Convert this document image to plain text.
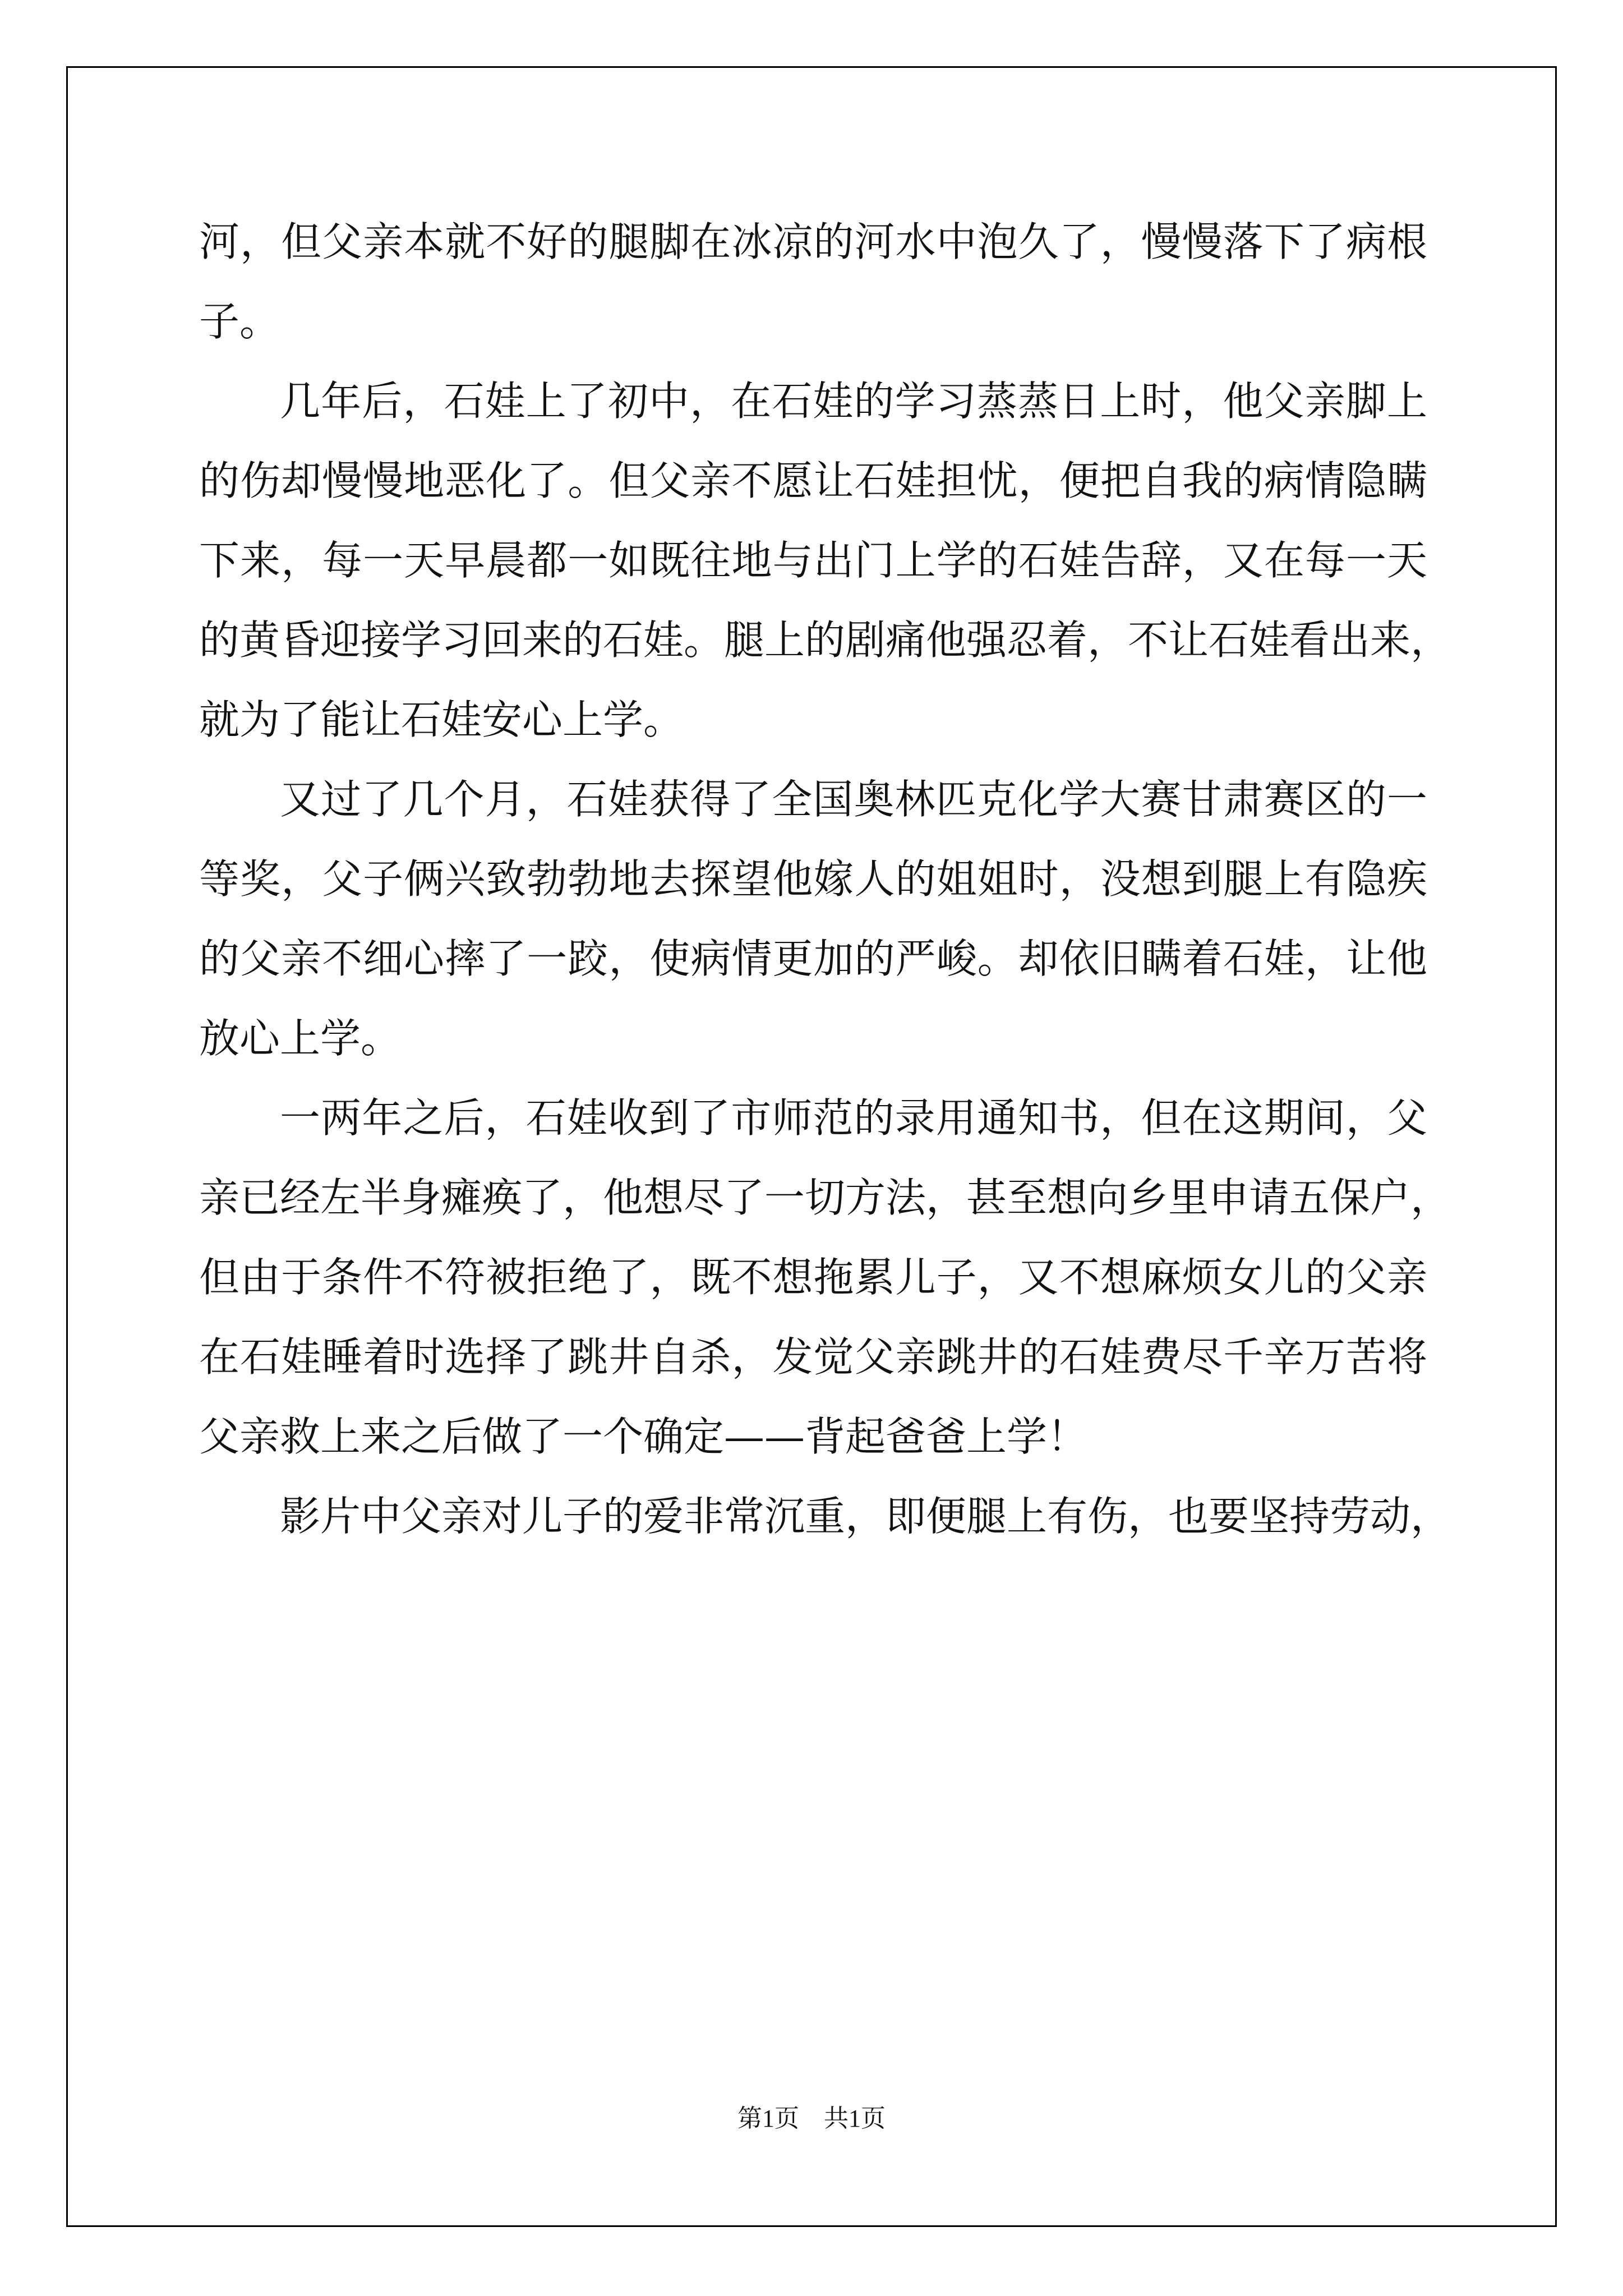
河，但父亲本就不好的腿脚在冰凉的河水中泡久了，慢慢落下了病根
子。

几年后，石娃上了初中，在石娃的学习蒸蒸日上时，他父亲脚上
的伤却慢慢地恶化了。但父亲不愿让石娃担忧，便把自我的病情隐瞒
下来，每一天早晨都一如既往地与出门上学的石娃告辞，又在每一天
的黄昏迎接学习回来的石娃。腿上的剧痛他强忍着，不让石娃看出来，
就为了能让石娃安心上学。

又过了几个月，石娃获得了全国奥林匹克化学大赛甘肃赛区的一
等奖，父子俩兴致勃勃地去探望他嫁人的姐姐时，没想到腿上有隐疾
的父亲不细心摔了一跤，使病情更加的严峻。却依旧瞒着石娃，让他
放心上学。

一两年之后，石娃收到了市师范的录用通知书，但在这期间，父
亲已经左半身瘫痪了，他想尽了一切方法，甚至想向乡里申请五保户，
但由于条件不符被拒绝了，既不想拖累儿子，又不想麻烦女儿的父亲
在石娃睡着时选择了跳井自杀，发觉父亲跳井的石娃费尽千辛万苦将
父亲救上来之后做了一个确定——背起爸爸上学！

影片中父亲对儿子的爱非常沉重，即便腿上有伤，也要坚持劳动，

第1页　共1页
